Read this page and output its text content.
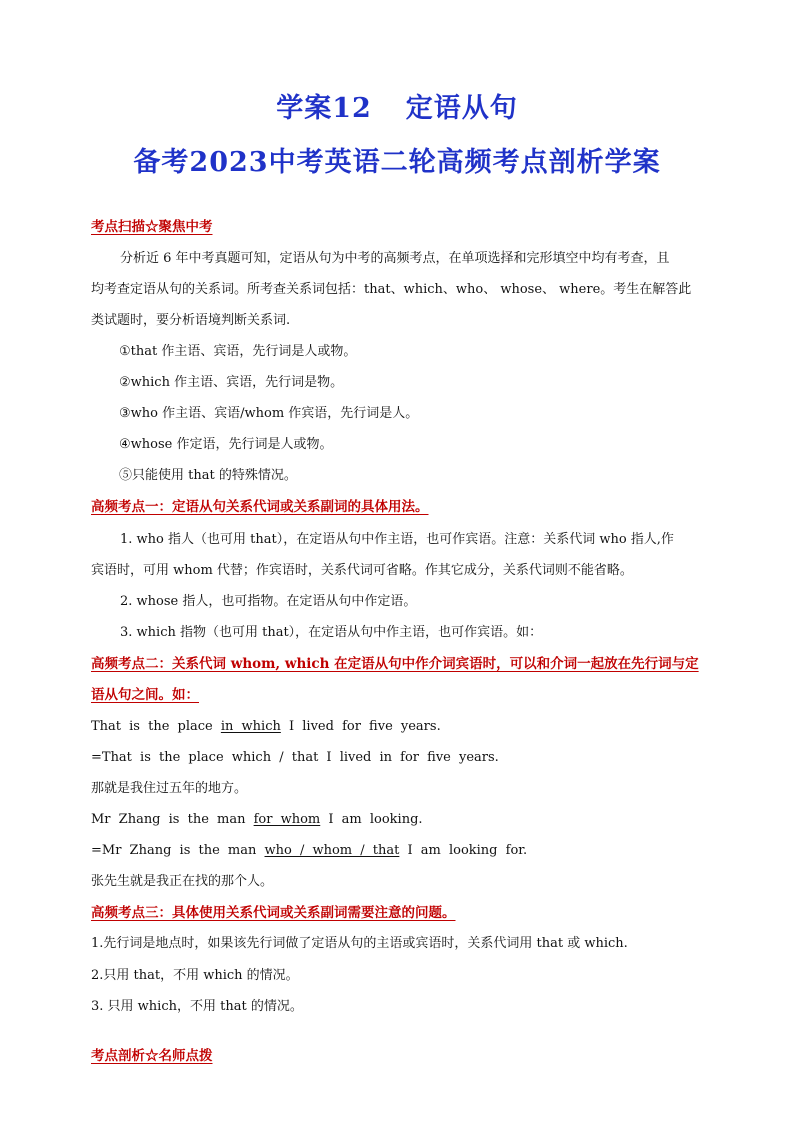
学案12 定语从句
备考2023中考英语二轮高频考点剖析学案
考点扫描☆聚焦中考
分析近 6 年中考真题可知，定语从句为中考的高频考点，在单项选择和完形填空中均有考查，且
均考查定语从句的关系词。所考查关系词包括：that、which、who、 whose、 where。考生在解答此
类试题时，要分析语境判断关系词.
①that 作主语、宾语，先行词是人或物。
②which 作主语、宾语，先行词是物。
③who 作主语、宾语/whom 作宾语，先行词是人。
④whose 作定语，先行词是人或物。
⑤只能使用 that 的特殊情况。
高频考点一：定语从句关系代词或关系副词的具体用法。
1. who 指人（也可用 that），在定语从句中作主语，也可作宾语。注意：关系代词 who 指人,作
宾语时，可用 whom 代替；作宾语时，关系代词可省略。作其它成分，关系代词则不能省略。
2. whose 指人，也可指物。在定语从句中作定语。
3. which 指物（也可用 that），在定语从句中作主语，也可作宾语。如：
高频考点二：关系代词 whom, which 在定语从句中作介词宾语时，可以和介词一起放在先行词与定
语从句之间。如：
That is the place in which I lived for five years.
=That is the place which / that I lived in for five years.
那就是我住过五年的地方。
Mr Zhang is the man for whom I am looking.
=Mr Zhang is the man who / whom / that I am looking for.
张先生就是我正在找的那个人。
高频考点三：具体使用关系代词或关系副词需要注意的问题。
1.先行词是地点时，如果该先行词做了定语从句的主语或宾语时，关系代词用 that 或 which.
2.只用 that，不用 which 的情况。
3. 只用 which，不用 that 的情况。
考点剖析☆名师点拨
